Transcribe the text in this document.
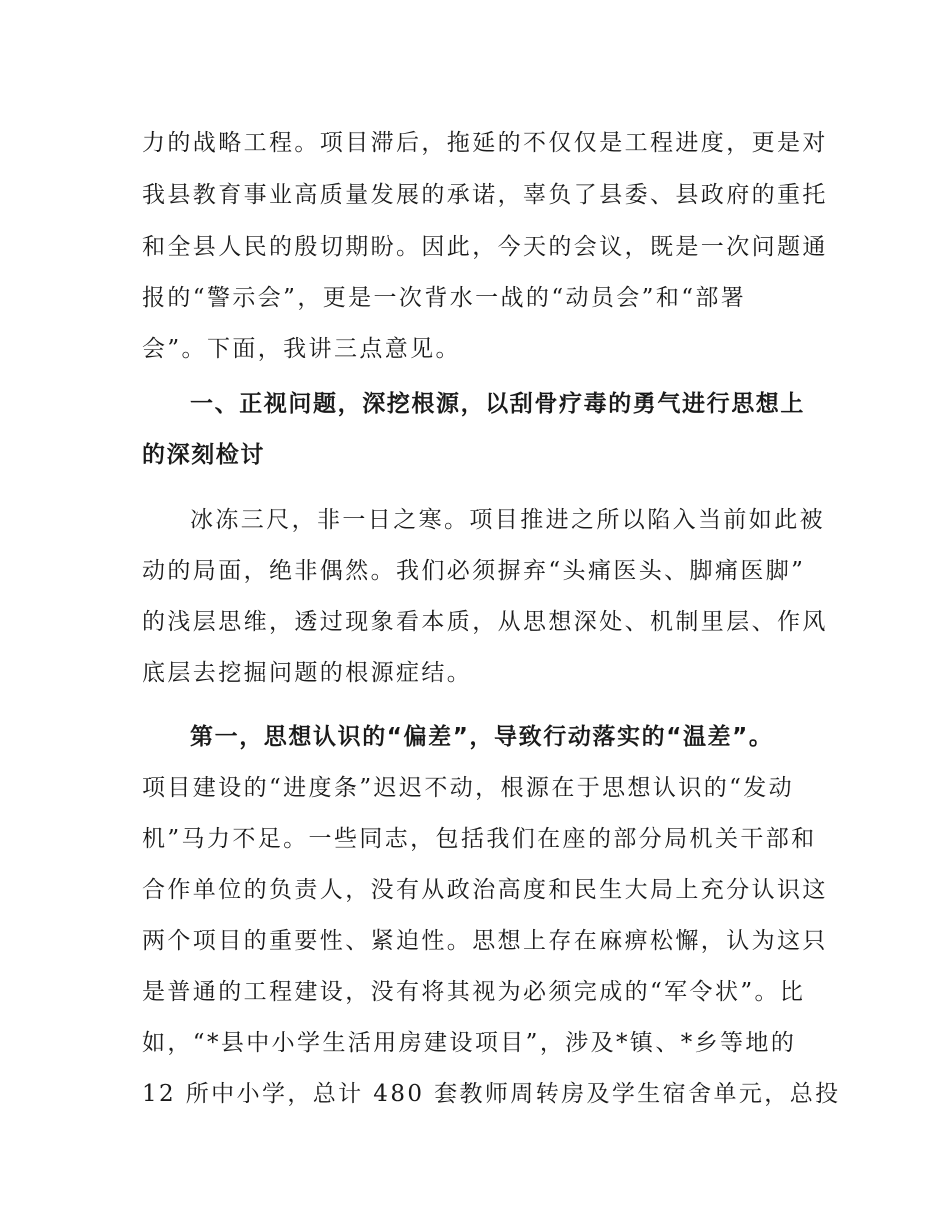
力的战略工程。项目滞后，拖延的不仅仅是工程进度，更是对
我县教育事业高质量发展的承诺，辜负了县委、县政府的重托
和全县人民的殷切期盼。因此，今天的会议，既是一次问题通
报的“警示会”，更是一次背水一战的“动员会”和“部署
会”。下面，我讲三点意见。
一、正视问题，深挖根源，以刮骨疗毒的勇气进行思想上
的深刻检讨
冰冻三尺，非一日之寒。项目推进之所以陷入当前如此被
动的局面，绝非偶然。我们必须摒弃“头痛医头、脚痛医脚”
的浅层思维，透过现象看本质，从思想深处、机制里层、作风
底层去挖掘问题的根源症结。
第一，思想认识的“偏差”，导致行动落实的“温差”。
项目建设的“进度条”迟迟不动，根源在于思想认识的“发动
机”马力不足。一些同志，包括我们在座的部分局机关干部和
合作单位的负责人，没有从政治高度和民生大局上充分认识这
两个项目的重要性、紧迫性。思想上存在麻痹松懈，认为这只
是普通的工程建设，没有将其视为必须完成的“军令状”。比
如，“*县中小学生活用房建设项目”，涉及*镇、*乡等地的
12 所中小学，总计 480 套教师周转房及学生宿舍单元，总投
